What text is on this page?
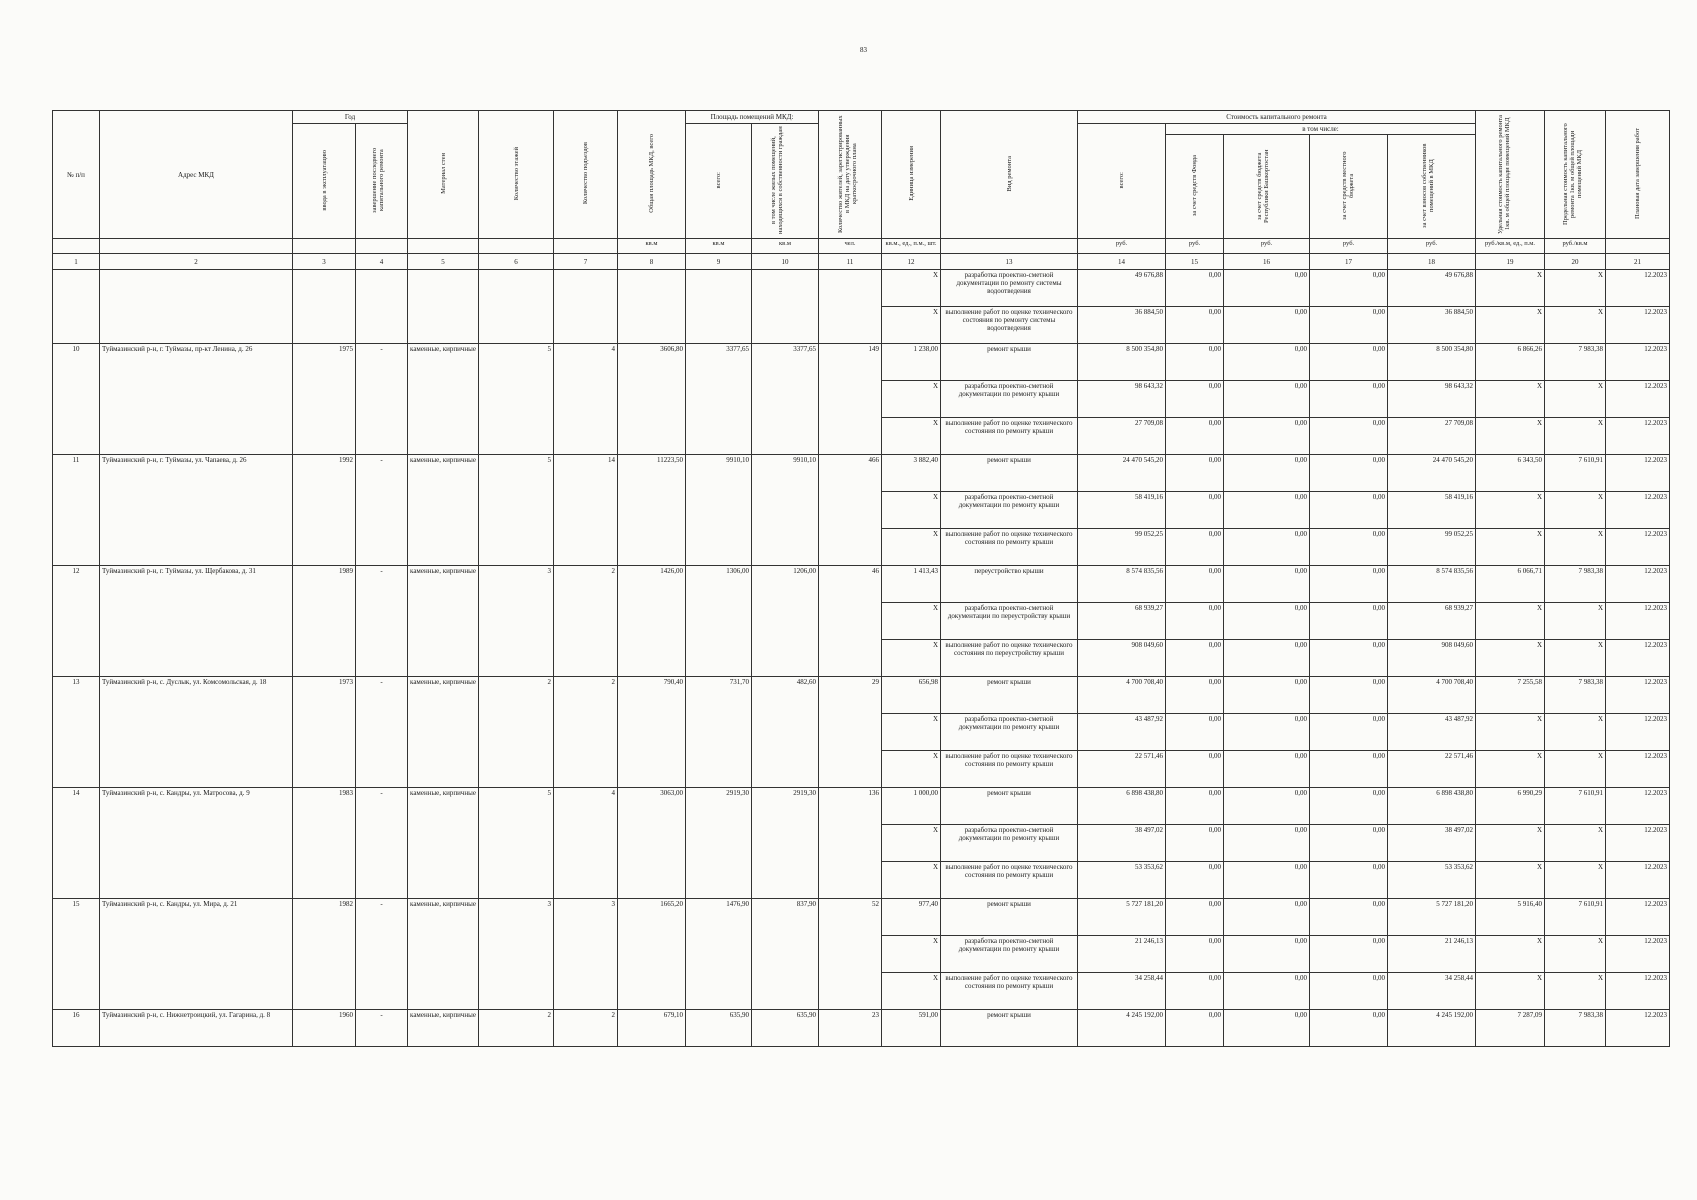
83
№ п/п	Адрес МКД	Год		Материал стен	Количество этажей	Количество подъездов	Общая площадь МКД, всего	Площадь помещений МКД:		Количество жителей, зарегистрированных в МКД на дату утверждения краткосрочного плана	Единица измерения	Вид ремонта	Стоимость капитального ремонта					Удельная стоимость капитального ремонта 1кв. м общей площади помещений МКД	Предельная стоимость капитального ремонта 1кв. м общей площади помещений МКД	Плановая дата завершения работ
		ввода в эксплуатацию	завершение последнего капитального ремонта					всего:	в том числе жилых помещений, находящихся в собственности граждан				всего:	в том числе:						
														за счет средств Фонда	за счет средств бюджета Республики Башкортостан	за счет средств местного бюджета	за счет взносов собственников помещений в МКД			
							кв.м	кв.м	кв.м	чел.	кв.м., ед., п.м., шт.		руб.	руб.	руб.	руб.	руб.	руб./кв.м, ед., п.м.	руб./кв.м	
1	2	3	4	5	6	7	8	9	10	11	12	13	14	15	16	17	18	19	20	21
											X	разработка проектно-сметной документации по ремонту системы водоотведения	49 676,88	0,00	0,00	0,00	49 676,88	X	X	12.2023
											X	выполнение работ по оценке технического состояния по ремонту системы водоотведения	36 884,50	0,00	0,00	0,00	36 884,50	X	X	12.2023
10	Туймазинский р-н, г. Туймазы, пр-кт Ленина, д. 26	1975	-	каменные, кирпичные	5	4	3606,80	3377,65	3377,65	149	1 238,00	ремонт крыши	8 500 354,80	0,00	0,00	0,00	8 500 354,80	6 866,26	7 983,38	12.2023
											X	разработка проектно-сметной документации по ремонту крыши	98 643,32	0,00	0,00	0,00	98 643,32	X	X	12.2023
											X	выполнение работ по оценке технического состояния по ремонту крыши	27 709,08	0,00	0,00	0,00	27 709,08	X	X	12.2023
11	Туймазинский р-н, г. Туймазы, ул. Чапаева, д. 26	1992	-	каменные, кирпичные	5	14	11223,50	9910,10	9910,10	466	3 882,40	ремонт крыши	24 470 545,20	0,00	0,00	0,00	24 470 545,20	6 343,50	7 610,91	12.2023
											X	разработка проектно-сметной документации по ремонту крыши	58 419,16	0,00	0,00	0,00	58 419,16	X	X	12.2023
											X	выполнение работ по оценке технического состояния по ремонту крыши	99 052,25	0,00	0,00	0,00	99 052,25	X	X	12.2023
12	Туймазинский р-н, г. Туймазы, ул. Щербакова, д. 31	1989	-	каменные, кирпичные	3	2	1426,00	1306,00	1206,00	46	1 413,43	переустройство крыши	8 574 835,56	0,00	0,00	0,00	8 574 835,56	6 066,71	7 983,38	12.2023
											X	разработка проектно-сметной документации по переустройству крыши	68 939,27	0,00	0,00	0,00	68 939,27	X	X	12.2023
											X	выполнение работ по оценке технического состояния по переустройству крыши	908 049,60	0,00	0,00	0,00	908 049,60	X	X	12.2023
13	Туймазинский р-н, с. Дуслык, ул. Комсомольская, д. 18	1973	-	каменные, кирпичные	2	2	790,40	731,70	482,60	29	656,98	ремонт крыши	4 700 708,40	0,00	0,00	0,00	4 700 708,40	7 255,58	7 983,38	12.2023
											X	разработка проектно-сметной документации по ремонту крыши	43 487,92	0,00	0,00	0,00	43 487,92	X	X	12.2023
											X	выполнение работ по оценке технического состояния по ремонту крыши	22 571,46	0,00	0,00	0,00	22 571,46	X	X	12.2023
14	Туймазинский р-н, с. Кандры, ул. Матросова, д. 9	1983	-	каменные, кирпичные	5	4	3063,00	2919,30	2919,30	136	1 000,00	ремонт крыши	6 898 438,80	0,00	0,00	0,00	6 898 438,80	6 990,29	7 610,91	12.2023
											X	разработка проектно-сметной документации по ремонту крыши	38 497,02	0,00	0,00	0,00	38 497,02	X	X	12.2023
											X	выполнение работ по оценке технического состояния по ремонту крыши	53 353,62	0,00	0,00	0,00	53 353,62	X	X	12.2023
15	Туймазинский р-н, с. Кандры, ул. Мира, д. 21	1982	-	каменные, кирпичные	3	3	1665,20	1476,90	837,90	52	977,40	ремонт крыши	5 727 181,20	0,00	0,00	0,00	5 727 181,20	5 916,40	7 610,91	12.2023
											X	разработка проектно-сметной документации по ремонту крыши	21 246,13	0,00	0,00	0,00	21 246,13	X	X	12.2023
											X	выполнение работ по оценке технического состояния по ремонту крыши	34 258,44	0,00	0,00	0,00	34 258,44	X	X	12.2023
16	Туймазинский р-н, с. Нижнетроицкий, ул. Гагарина, д. 8	1960	-	каменные, кирпичные	2	2	679,10	635,90	635,90	23	591,00	ремонт крыши	4 245 192,00	0,00	0,00	0,00	4 245 192,00	7 287,09	7 983,38	12.2023
